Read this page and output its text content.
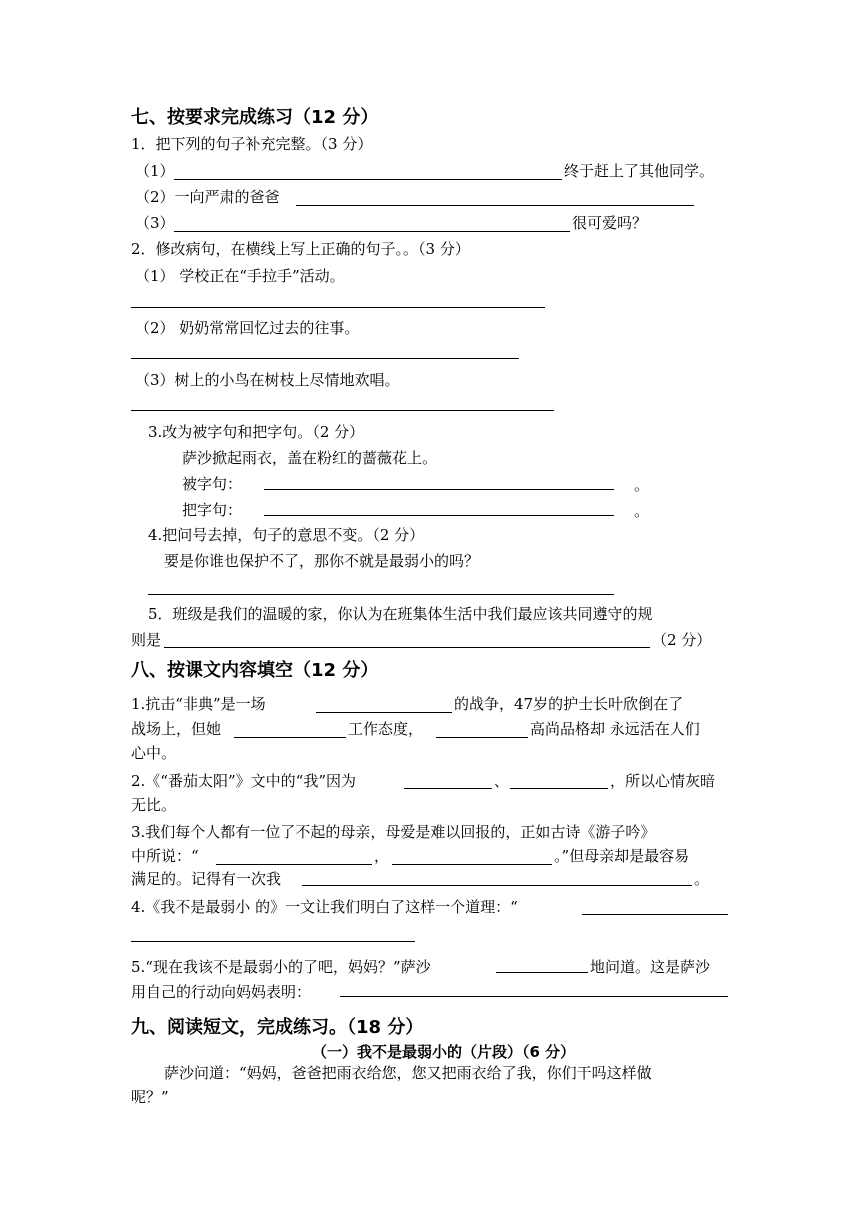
七、按要求完成练习（12 分）
1．把下列的句子补充完整。（3 分）
（1）	终于赶上了其他同学。
（2）一向严肃的爸爸
（3）	很可爱吗？
2．修改病句，在横线上写上正确的句子。。（3 分）
（1） 学校正在“手拉手”活动。
（2） 奶奶常常回忆过去的往事。
（3）树上的小鸟在树枝上尽情地欢唱。
3.改为被字句和把字句。（2 分）
萨沙掀起雨衣，盖在粉红的蔷薇花上。
被字句：	。
把字句：	。
4.把问号去掉，句子的意思不变。（2 分）
要是你谁也保护不了，那你不就是最弱小的吗？
5．班级是我们的温暖的家，你认为在班集体生活中我们最应该共同遵守的规
则是	（2 分）
八、按课文内容填空（12 分）
1.抗击“非典”是一场	的战争，47岁的护士长叶欣倒在了
战场上，但她	工作态度，	高尚品格却 永远活在人们
心中。
2.《“番茄太阳”》文中的“我”因为	、	，所以心情灰暗
无比。
3.我们每个人都有一位了不起的母亲，母爱是难以回报的，正如古诗《游子吟》
中所说：“	，	。”但母亲却是最容易
满足的。记得有一次我	。
4.《我不是最弱小 的》一文让我们明白了这样一个道理：“
5.“现在我该不是最弱小的了吧，妈妈？”萨沙	地问道。这是萨沙
用自己的行动向妈妈表明：
九、阅读短文，完成练习。（18 分）
（一）我不是最弱小的（片段）（6 分）
萨沙问道：“妈妈，爸爸把雨衣给您，您又把雨衣给了我，你们干吗这样做
呢？”
